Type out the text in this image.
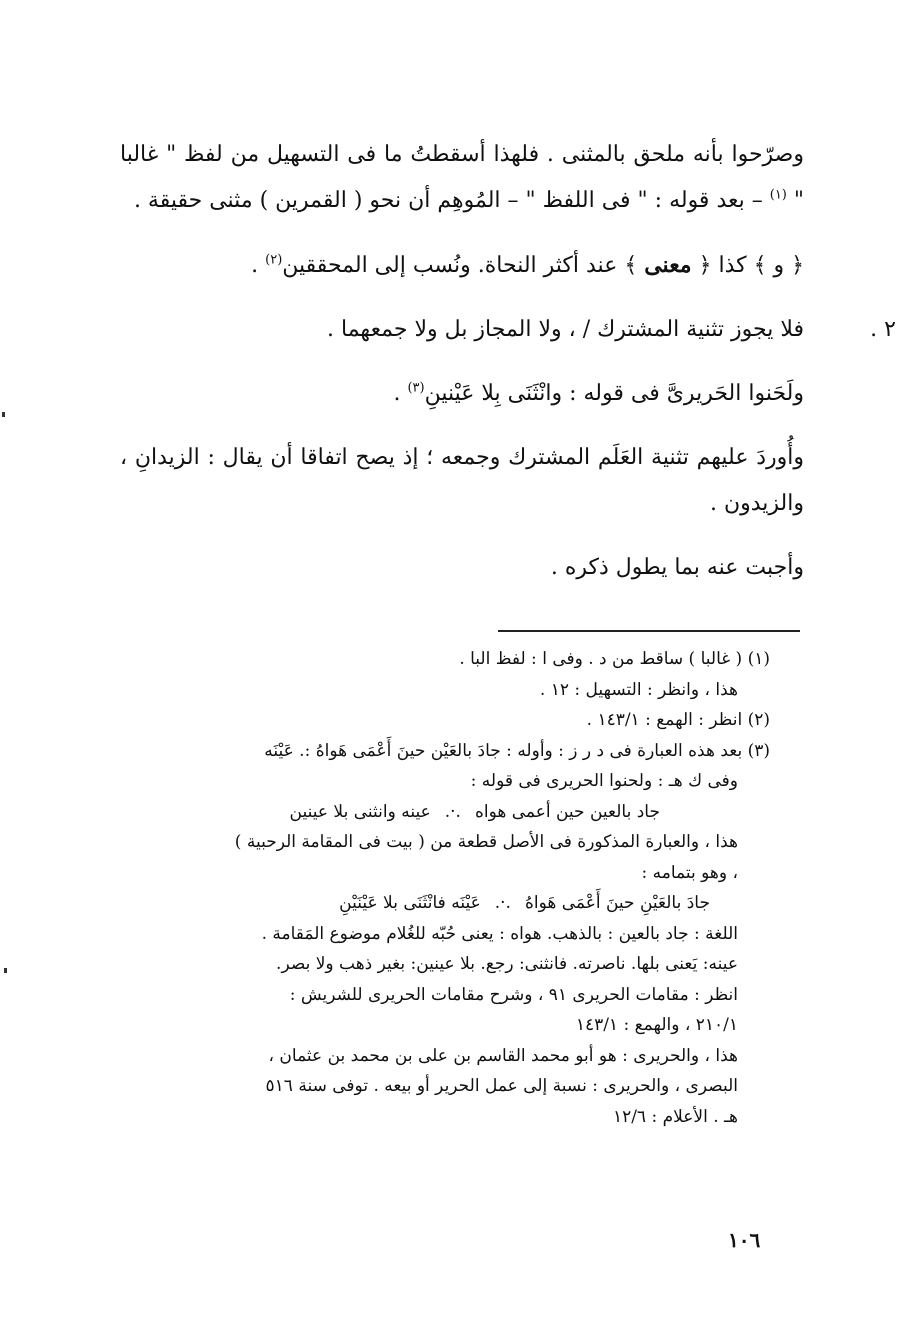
وصرّحوا بأنه ملحق بالمثنى . فلهذا أسقطتُ ما فى التسهيل من لفظ " غالبا " $^{(١)}$ – بعد قوله : " فى اللفظ " – المُوهِم أن نحو ( القمرين ) مثنى حقيقة .

﴿ و ﴾ كذا ﴿ معنى ﴾ عند أكثر النحاة. ونُسب إلى المحققين$^{(٢)}$ .

٢ .
فلا يجوز تثنية المشترك / ، ولا المجاز بل ولا جمعهما .

ولَحَنوا الحَريرىَّ فى قوله : وانْثَنَى بِلا عَيْنينِ$^{(٣)}$ .

وأُوردَ عليهم تثنية العَلَم المشترك وجمعه ؛ إذ يصح اتفاقا أن يقال : الزيدانِ ، والزيدون .

وأجبت عنه بما يطول ذكره .

(١) ( غالبا ) ساقط من د . وفى ا : لفظ البا .

هذا ، وانظر : التسهيل : ١٢ .

(٢) انظر : الهمع : ١٤٣/١ .

(٣) بعد هذه العبارة فى د ر ز : وأوله : جادَ بالعَيْن حينَ أَعْمَى هَواهُ :. عَيْنَه

وفى ك هـ : ولحنوا الحريرى فى قوله :

جاد بالعين حين أعمى هواه.·.عينه وانثنى بلا عينين

هذا ، والعبارة المذكورة فى الأصل قطعة من ( بيت فى المقامة الرحبية )

، وهو بتمامه :

جادَ بالعَيْنِ حينَ أَعْمَى هَواهُ.·.عَيْنَه فانْثَنَى بلا عَيْنَيْنِ

اللغة : جاد بالعين : بالذهب. هواه : يعنى حُبّه للغُلام موضوع المَقامة .

عينه: يَعنى بلها. ناصرته. فانثنى: رجع. بلا عينين: بغير ذهب ولا بصر.

انظر : مقامات الحريرى ٩١ ، وشرح مقامات الحريرى للشريش :

٢١٠/١ ، والهمع : ١٤٣/١

هذا ، والحريرى : هو أبو محمد القاسم بن على بن محمد بن عثمان ،

البصرى ، والحريرى : نسبة إلى عمل الحرير أو بيعه . توفى سنة ٥١٦

هـ . الأعلام : ١٢/٦

١٠٦
